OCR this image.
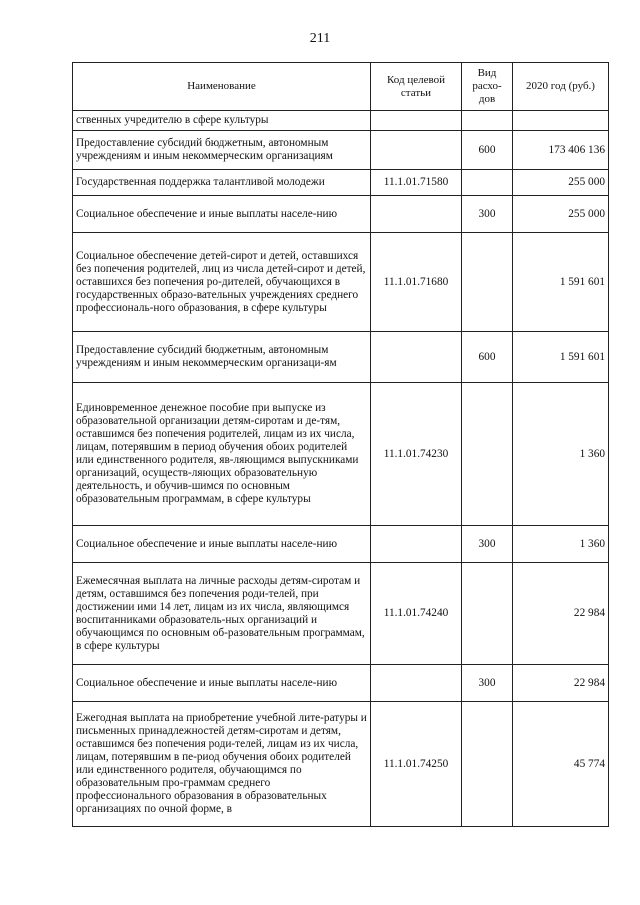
211
Наименование	Код целевой статьи	Вид расхо-дов	2020 год (руб.)
ственных учредителю в сфере культуры			
Предоставление субсидий бюджетным, автономным учреждениям и иным некоммерческим организациям		600	173 406 136
Государственная поддержка талантливой молодежи	11.1.01.71580		255 000
Социальное обеспечение и иные выплаты населе-нию		300	255 000
Социальное обеспечение детей-сирот и детей, оставшихся без попечения родителей, лиц из числа детей-сирот и детей, оставшихся без попечения ро-дителей, обучающихся в государственных образо-вательных учреждениях среднего профессиональ-ного образования, в сфере культуры	11.1.01.71680		1 591 601
Предоставление субсидий бюджетным, автономным учреждениям и иным некоммерческим организаци-ям		600	1 591 601
Единовременное денежное пособие при выпуске из образовательной организации детям-сиротам и де-тям, оставшимся без попечения родителей, лицам из их числа, лицам, потерявшим в период обучения обоих родителей или единственного родителя, яв-ляющимся выпускниками организаций, осуществ-ляющих образовательную деятельность, и обучив-шимся по основным образовательным программам, в сфере культуры	11.1.01.74230		1 360
Социальное обеспечение и иные выплаты населе-нию		300	1 360
Ежемесячная выплата на личные расходы детям-сиротам и детям, оставшимся без попечения роди-телей, при достижении ими 14 лет, лицам из их числа, являющимся воспитанниками образователь-ных организаций и обучающимся по основным об-разовательным программам, в сфере культуры	11.1.01.74240		22 984
Социальное обеспечение и иные выплаты населе-нию		300	22 984
Ежегодная выплата на приобретение учебной лите-ратуры и письменных принадлежностей детям-сиротам и детям, оставшимся без попечения роди-телей, лицам из их числа, лицам, потерявшим в пе-риод обучения обоих родителей или единственного родителя, обучающимся по образовательным про-граммам среднего профессионального образования в образовательных организациях по очной форме, в	11.1.01.74250		45 774
